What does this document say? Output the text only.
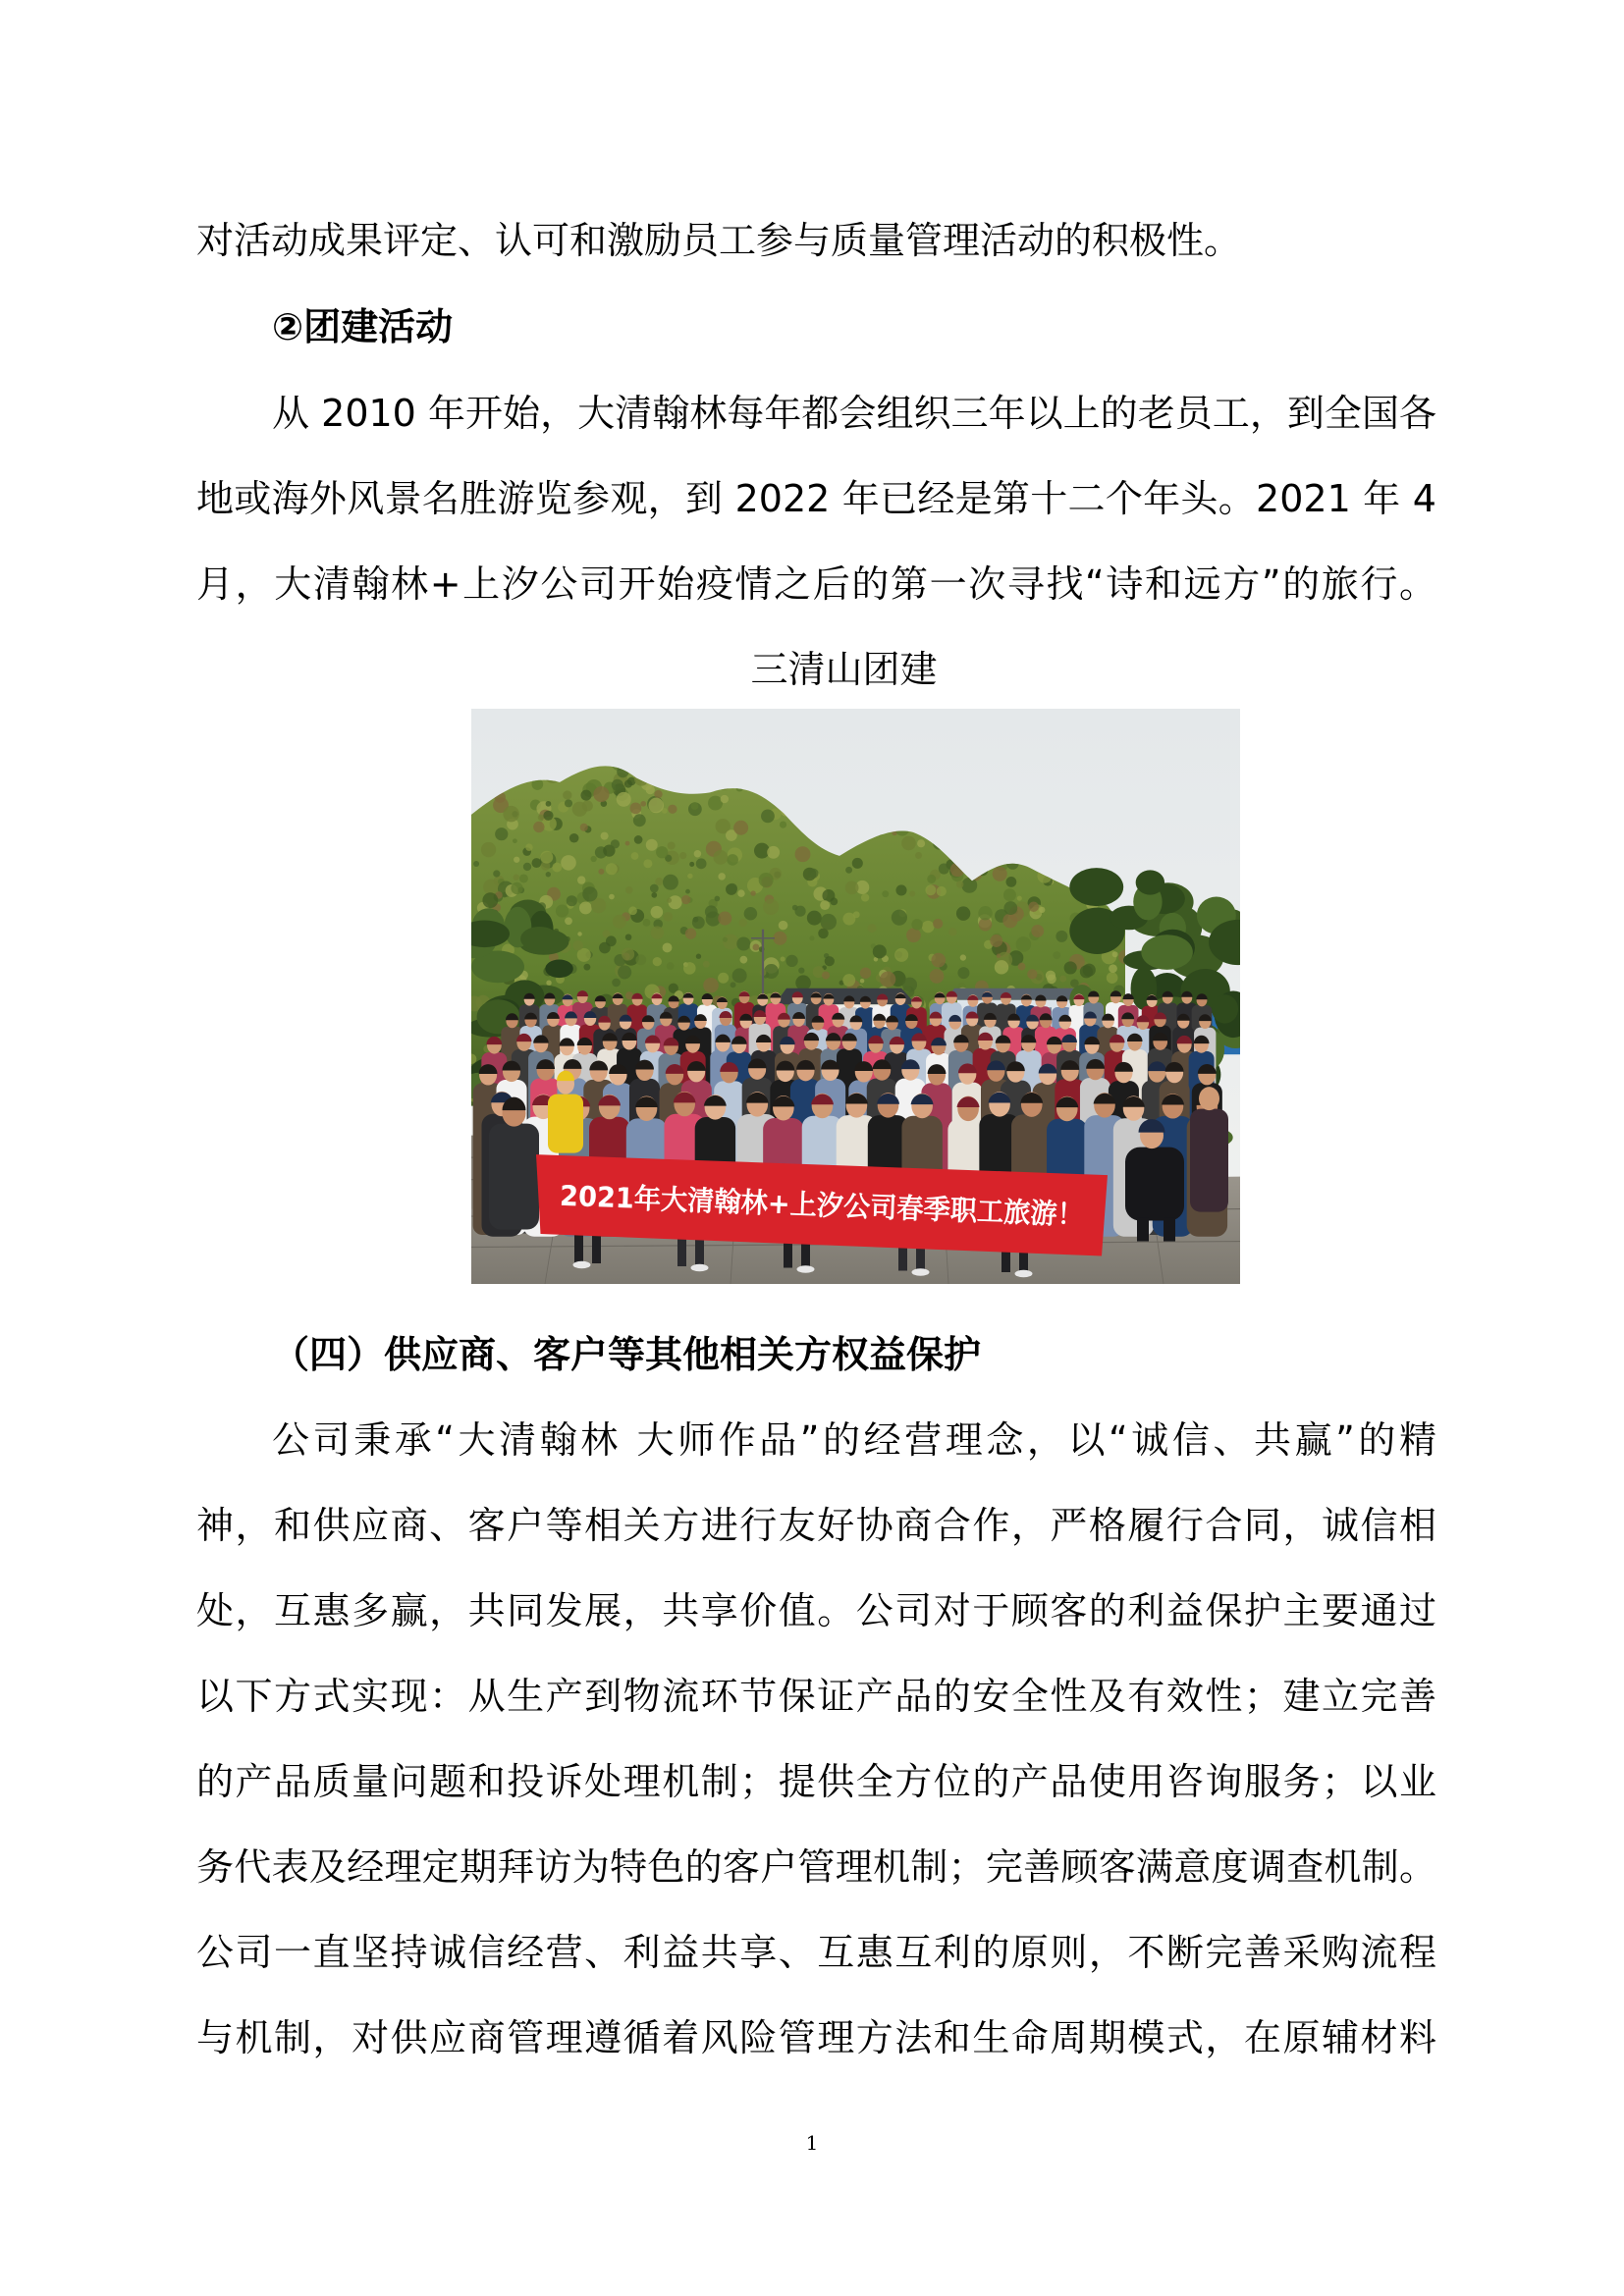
对活动成果评定、认可和激励员工参与质量管理活动的积极性。
②团建活动
从 2010 年开始，大清翰林每年都会组织三年以上的老员工，到全国各
地或海外风景名胜游览参观，到 2022 年已经是第十二个年头。2021 年 4
月，大清翰林+上汐公司开始疫情之后的第一次寻找“诗和远方”的旅行。
三清山团建
2021年大清翰林+上汐公司春季职工旅游！
（四）供应商、客户等其他相关方权益保护
公司秉承“大清翰林 大师作品”的经营理念，以“诚信、共赢”的精
神，和供应商、客户等相关方进行友好协商合作，严格履行合同，诚信相
处，互惠多赢，共同发展，共享价值。公司对于顾客的利益保护主要通过
以下方式实现：从生产到物流环节保证产品的安全性及有效性；建立完善
的产品质量问题和投诉处理机制；提供全方位的产品使用咨询服务；以业
务代表及经理定期拜访为特色的客户管理机制；完善顾客满意度调查机制。
公司一直坚持诚信经营、利益共享、互惠互利的原则，不断完善采购流程
与机制，对供应商管理遵循着风险管理方法和生命周期模式，在原辅材料
1
